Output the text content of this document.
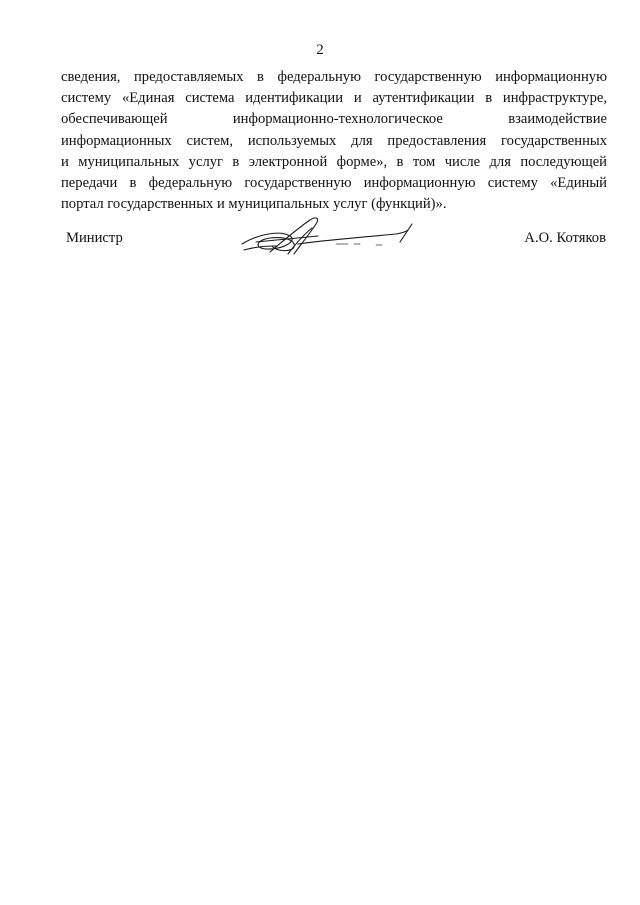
2
сведения, предоставляемых в федеральную государственную информационную
систему «Единая система идентификации и аутентификации в инфраструктуре,
обеспечивающей информационно-технологическое взаимодействие
информационных систем, используемых для предоставления государственных
и муниципальных услуг в электронной форме», в том числе для последующей
передачи в федеральную государственную информационную систему «Единый
портал государственных и муниципальных услуг (функций)».
Министр	А.О. Котяков
